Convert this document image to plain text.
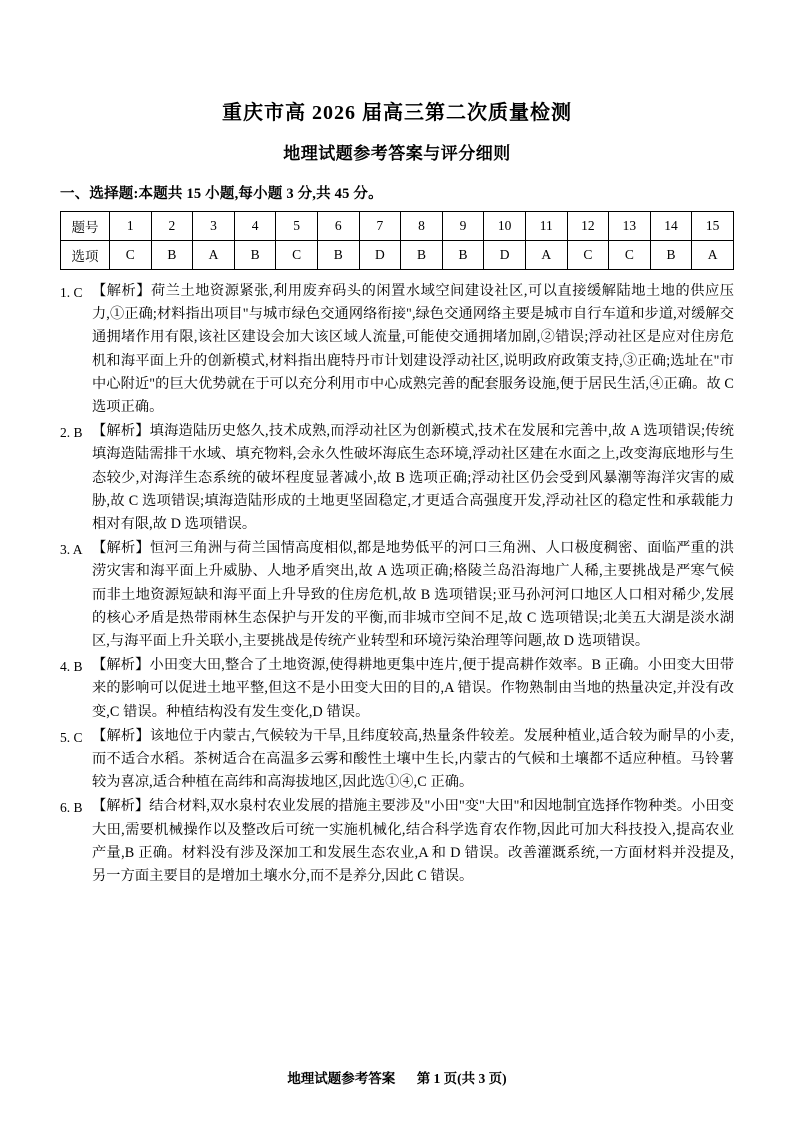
重庆市高 2026 届高三第二次质量检测
地理试题参考答案与评分细则
一、选择题:本题共 15 小题,每小题 3 分,共 45 分。
题号	1	2	3	4	5	6	7	8	9	10	11	12	13	14	15
选项	C	B	A	B	C	B	D	B	B	D	A	C	C	B	A
1. C 【解析】荷兰土地资源紧张,利用废弃码头的闲置水域空间建设社区,可以直接缓解陆地土地的供应压力,①正确;材料指出项目"与城市绿色交通网络衔接",绿色交通网络主要是城市自行车道和步道,对缓解交通拥堵作用有限,该社区建设会加大该区域人流量,可能使交通拥堵加剧,②错误;浮动社区是应对住房危机和海平面上升的创新模式,材料指出鹿特丹市计划建设浮动社区,说明政府政策支持,③正确;选址在"市中心附近"的巨大优势就在于可以充分利用市中心成熟完善的配套服务设施,便于居民生活,④正确。故 C 选项正确。
2. B 【解析】填海造陆历史悠久,技术成熟,而浮动社区为创新模式,技术在发展和完善中,故 A 选项错误;传统填海造陆需排干水域、填充物料,会永久性破坏海底生态环境,浮动社区建在水面之上,改变海底地形与生态较少,对海洋生态系统的破坏程度显著减小,故 B 选项正确;浮动社区仍会受到风暴潮等海洋灾害的威胁,故 C 选项错误;填海造陆形成的土地更坚固稳定,才更适合高强度开发,浮动社区的稳定性和承载能力相对有限,故 D 选项错误。
3. A 【解析】恒河三角洲与荷兰国情高度相似,都是地势低平的河口三角洲、人口极度稠密、面临严重的洪涝灾害和海平面上升威胁、人地矛盾突出,故 A 选项正确;格陵兰岛沿海地广人稀,主要挑战是严寒气候而非土地资源短缺和海平面上升导致的住房危机,故 B 选项错误;亚马孙河河口地区人口相对稀少,发展的核心矛盾是热带雨林生态保护与开发的平衡,而非城市空间不足,故 C 选项错误;北美五大湖是淡水湖区,与海平面上升关联小,主要挑战是传统产业转型和环境污染治理等问题,故 D 选项错误。
4. B 【解析】小田变大田,整合了土地资源,使得耕地更集中连片,便于提高耕作效率。B 正确。小田变大田带来的影响可以促进土地平整,但这不是小田变大田的目的,A 错误。作物熟制由当地的热量决定,并没有改变,C 错误。种植结构没有发生变化,D 错误。
5. C 【解析】该地位于内蒙古,气候较为干旱,且纬度较高,热量条件较差。发展种植业,适合较为耐旱的小麦,而不适合水稻。茶树适合在高温多云雾和酸性土壤中生长,内蒙古的气候和土壤都不适应种植。马铃薯较为喜凉,适合种植在高纬和高海拔地区,因此选①④,C 正确。
6. B 【解析】结合材料,双水泉村农业发展的措施主要涉及"小田"变"大田"和因地制宜选择作物种类。小田变大田,需要机械操作以及整改后可统一实施机械化,结合科学选育农作物,因此可加大科技投入,提高农业产量,B 正确。材料没有涉及深加工和发展生态农业,A 和 D 错误。改善灌溉系统,一方面材料并没提及,另一方面主要目的是增加土壤水分,而不是养分,因此 C 错误。
地理试题参考答案 第 1 页(共 3 页)
